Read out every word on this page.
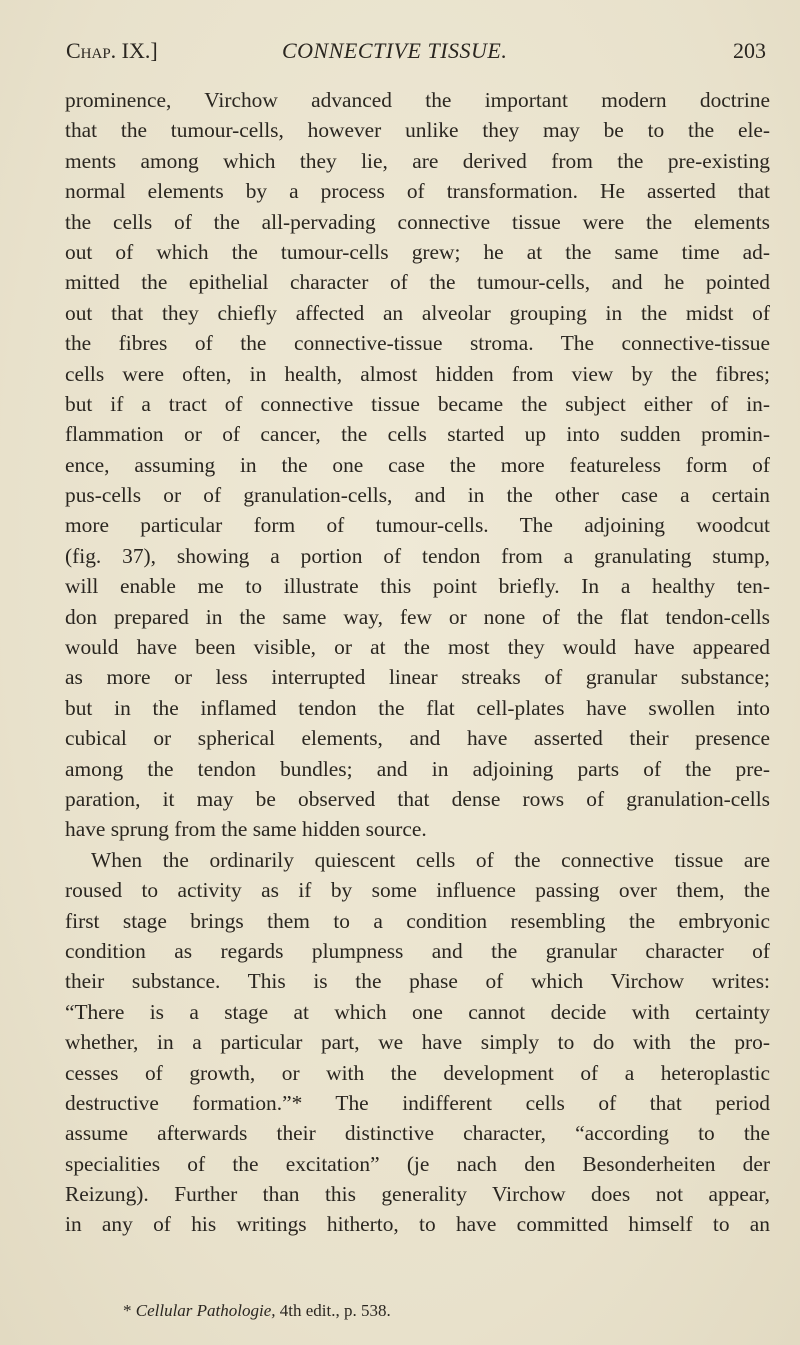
Chap. IX.]	CONNECTIVE TISSUE.	203
prominence, Virchow advanced the important modern doctrine
that the tumour-cells, however unlike they may be to the ele-
ments among which they lie, are derived from the pre-existing
normal elements by a process of transformation. He asserted that
the cells of the all-pervading connective tissue were the elements
out of which the tumour-cells grew; he at the same time ad-
mitted the epithelial character of the tumour-cells, and he pointed
out that they chiefly affected an alveolar grouping in the midst of
the fibres of the connective-tissue stroma. The connective-tissue
cells were often, in health, almost hidden from view by the fibres;
but if a tract of connective tissue became the subject either of in-
flammation or of cancer, the cells started up into sudden promin-
ence, assuming in the one case the more featureless form of
pus-cells or of granulation-cells, and in the other case a certain
more particular form of tumour-cells. The adjoining woodcut
(fig. 37), showing a portion of tendon from a granulating stump,
will enable me to illustrate this point briefly. In a healthy ten-
don prepared in the same way, few or none of the flat tendon-cells
would have been visible, or at the most they would have appeared
as more or less interrupted linear streaks of granular substance;
but in the inflamed tendon the flat cell-plates have swollen into
cubical or spherical elements, and have asserted their presence
among the tendon bundles; and in adjoining parts of the pre-
paration, it may be observed that dense rows of granulation-cells
have sprung from the same hidden source.
When the ordinarily quiescent cells of the connective tissue are
roused to activity as if by some influence passing over them, the
first stage brings them to a condition resembling the embryonic
condition as regards plumpness and the granular character of
their substance. This is the phase of which Virchow writes:
“There is a stage at which one cannot decide with certainty
whether, in a particular part, we have simply to do with the pro-
cesses of growth, or with the development of a heteroplastic
destructive formation.”* The indifferent cells of that period
assume afterwards their distinctive character, “according to the
specialities of the excitation” (je nach den Besonderheiten der
Reizung). Further than this generality Virchow does not appear,
in any of his writings hitherto, to have committed himself to an
* Cellular Pathologie, 4th edit., p. 538.
